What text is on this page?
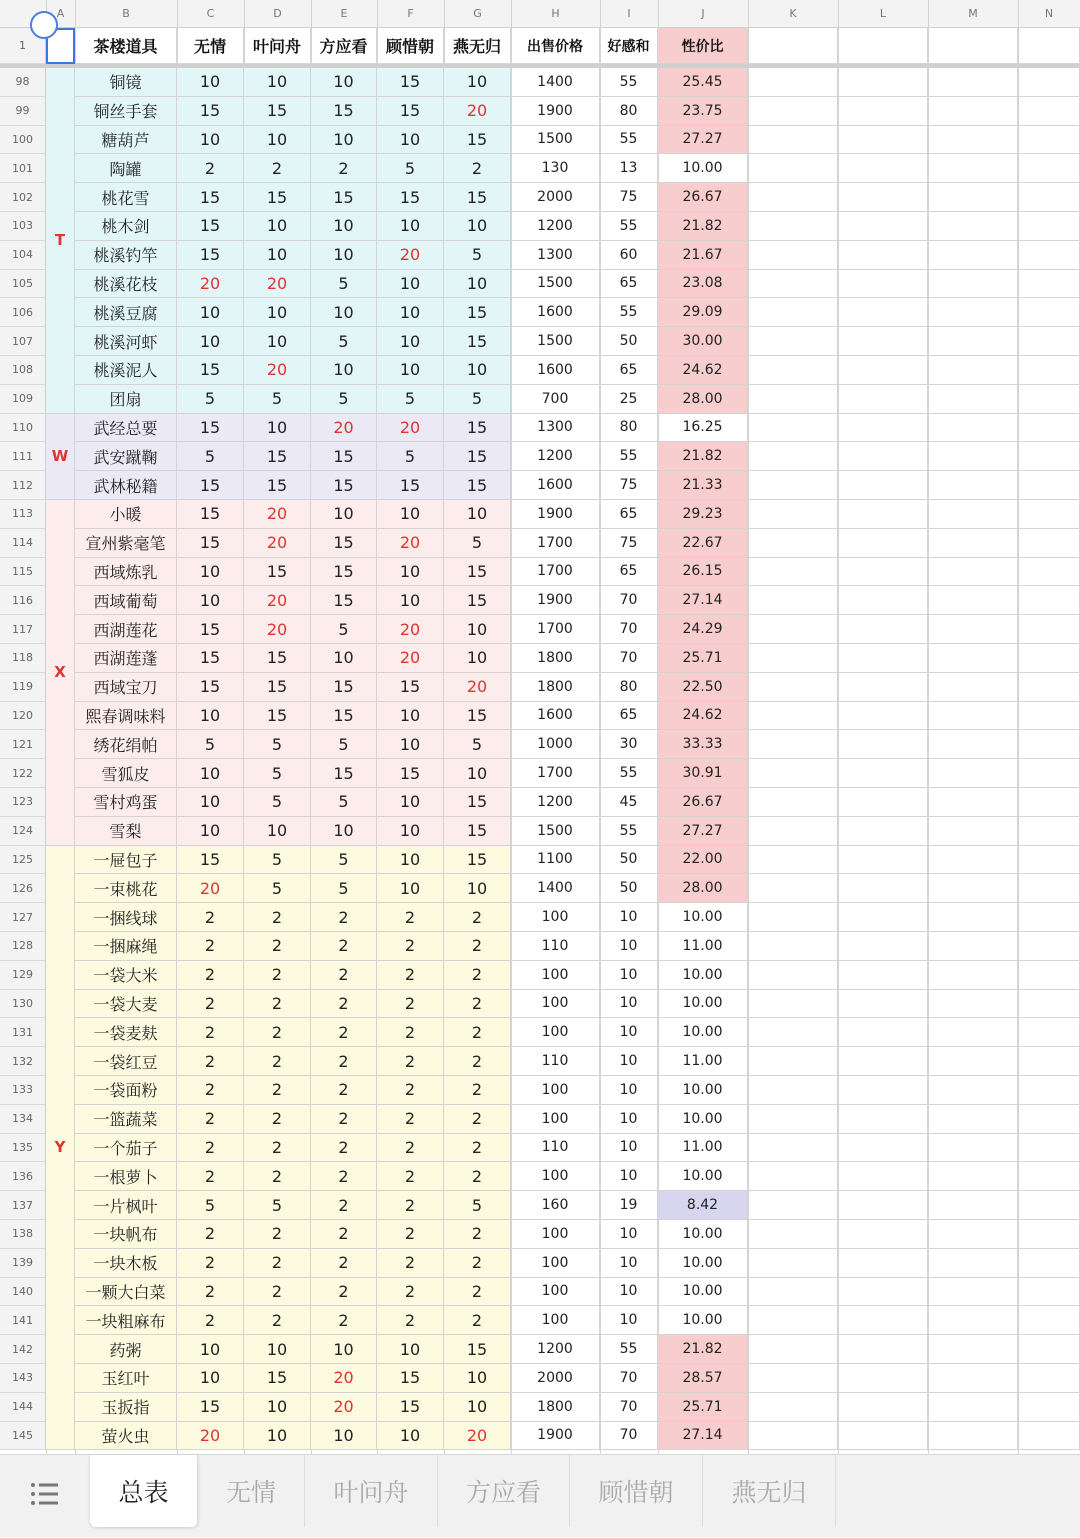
A	B	C	D	E	F	G	H	I	J	K	L	M	N
1	茶楼道具	无情	叶问舟	方应看	顾惜朝	燕无归	出售价格	好感和	性价比
98	铜镜	10	10	10	15	10	1400	55	25.45
99	铜丝手套	15	15	15	15	20	1900	80	23.75
100	糖葫芦	10	10	10	10	15	1500	55	27.27
101	陶罐	2	2	2	5	2	130	13	10.00
102	桃花雪	15	15	15	15	15	2000	75	26.67
103	桃木剑	15	10	10	10	10	1200	55	21.82
104	桃溪钓竿	15	10	10	20	5	1300	60	21.67
105	桃溪花枝	20	20	5	10	10	1500	65	23.08
106	桃溪豆腐	10	10	10	10	15	1600	55	29.09
107	桃溪河虾	10	10	5	10	15	1500	50	30.00
108	桃溪泥人	15	20	10	10	10	1600	65	24.62
109	团扇	5	5	5	5	5	700	25	28.00
110	武经总要	15	10	20	20	15	1300	80	16.25
111	武安蹴鞠	5	15	15	5	15	1200	55	21.82
112	武林秘籍	15	15	15	15	15	1600	75	21.33
113	小暖	15	20	10	10	10	1900	65	29.23
114	宣州紫毫笔	15	20	15	20	5	1700	75	22.67
115	西域炼乳	10	15	15	10	15	1700	65	26.15
116	西域葡萄	10	20	15	10	15	1900	70	27.14
117	西湖莲花	15	20	5	20	10	1700	70	24.29
118	西湖莲蓬	15	15	10	20	10	1800	70	25.71
119	西域宝刀	15	15	15	15	20	1800	80	22.50
120	熙春调味料	10	15	15	10	15	1600	65	24.62
121	绣花绢帕	5	5	5	10	5	1000	30	33.33
122	雪狐皮	10	5	15	15	10	1700	55	30.91
123	雪村鸡蛋	10	5	5	10	15	1200	45	26.67
124	雪梨	10	10	10	10	15	1500	55	27.27
125	一屉包子	15	5	5	10	15	1100	50	22.00
126	一束桃花	20	5	5	10	10	1400	50	28.00
127	一捆线球	2	2	2	2	2	100	10	10.00
128	一捆麻绳	2	2	2	2	2	110	10	11.00
129	一袋大米	2	2	2	2	2	100	10	10.00
130	一袋大麦	2	2	2	2	2	100	10	10.00
131	一袋麦麸	2	2	2	2	2	100	10	10.00
132	一袋红豆	2	2	2	2	2	110	10	11.00
133	一袋面粉	2	2	2	2	2	100	10	10.00
134	一篮蔬菜	2	2	2	2	2	100	10	10.00
135	一个茄子	2	2	2	2	2	110	10	11.00
136	一根萝卜	2	2	2	2	2	100	10	10.00
137	一片枫叶	5	5	2	2	5	160	19	8.42
138	一块帆布	2	2	2	2	2	100	10	10.00
139	一块木板	2	2	2	2	2	100	10	10.00
140	一颗大白菜	2	2	2	2	2	100	10	10.00
141	一块粗麻布	2	2	2	2	2	100	10	10.00
142	药粥	10	10	10	10	15	1200	55	21.82
143	玉红叶	10	15	20	15	10	2000	70	28.57
144	玉扳指	15	10	20	15	10	1800	70	25.71
145	萤火虫	20	10	10	10	20	1900	70	27.14
T
W
X
Y
总表	无情	叶问舟	方应看	顾惜朝	燕无归
